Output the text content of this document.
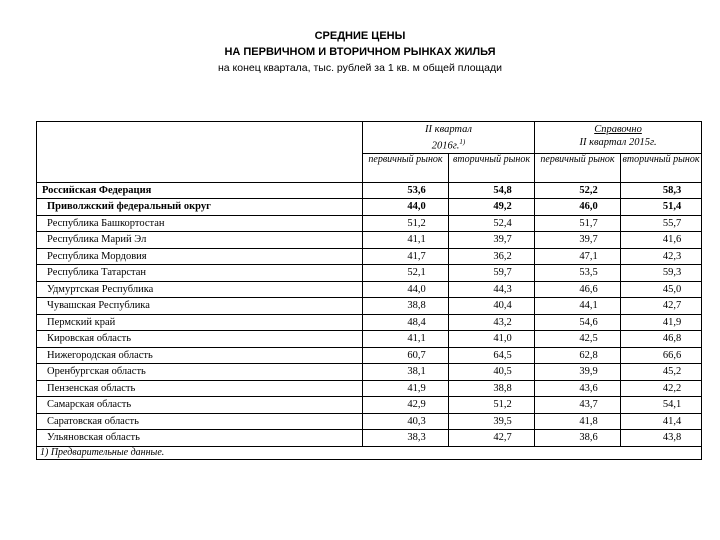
СРЕДНИЕ ЦЕНЫ
НА ПЕРВИЧНОМ И ВТОРИЧНОМ РЫНКАХ ЖИЛЬЯ
на конец квартала, тыс. рублей за 1 кв. м общей площади
	II квартал
2016г.$^{1)}$		Справочно
II квартал 2015г.	
	первичный рынок	вторичный рынок	первичный рынок	вторичный рынок
Российская Федерация	53,6	54,8	52,2	58,3
Приволжский федеральный округ	44,0	49,2	46,0	51,4
Республика Башкортостан	51,2	52,4	51,7	55,7
Республика Марий Эл	41,1	39,7	39,7	41,6
Республика Мордовия	41,7	36,2	47,1	42,3
Республика Татарстан	52,1	59,7	53,5	59,3
Удмуртская Республика	44,0	44,3	46,6	45,0
Чувашская Республика	38,8	40,4	44,1	42,7
Пермский край	48,4	43,2	54,6	41,9
Кировская область	41,1	41,0	42,5	46,8
Нижегородская область	60,7	64,5	62,8	66,6
Оренбургская область	38,1	40,5	39,9	45,2
Пензенская область	41,9	38,8	43,6	42,2
Самарская область	42,9	51,2	43,7	54,1
Саратовская область	40,3	39,5	41,8	41,4
Ульяновская область	38,3	42,7	38,6	43,8
1) Предварительные данные.				
